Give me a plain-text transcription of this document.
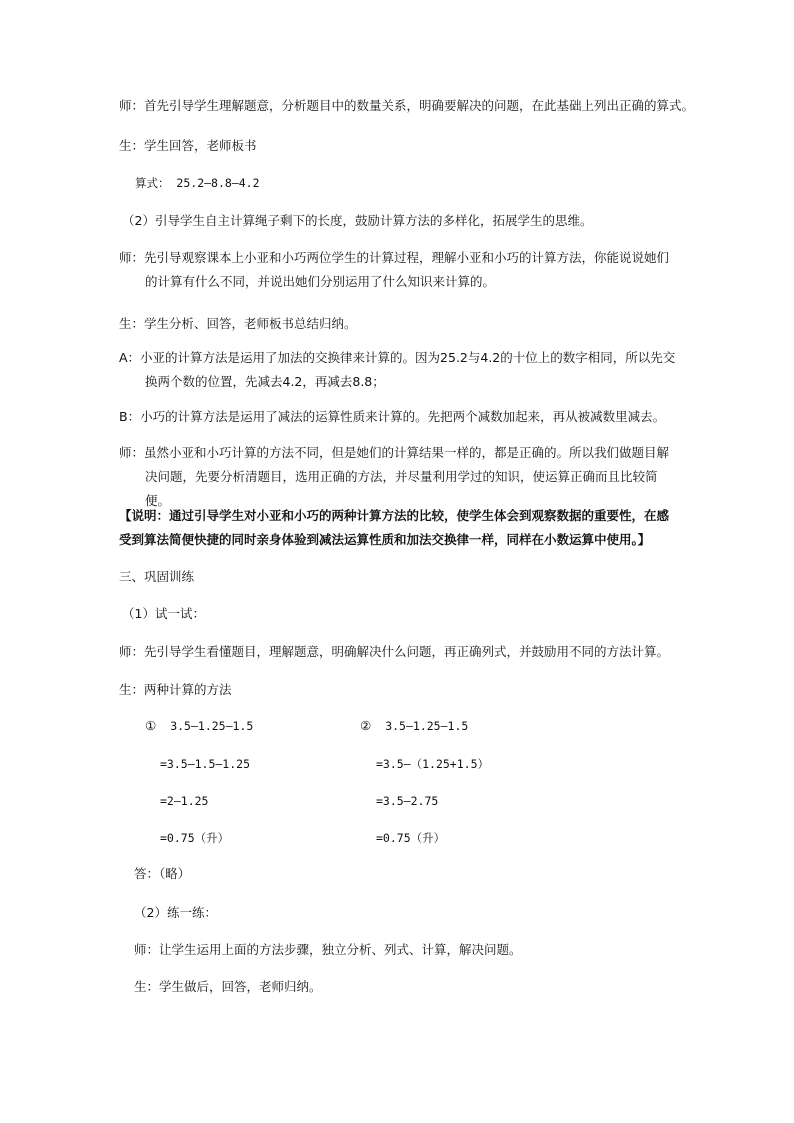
师：首先引导学生理解题意，分析题目中的数量关系，明确要解决的问题，在此基础上列出正确的算式。
生：学生回答，老师板书
算式： 25.2—8.8—4.2
（2）引导学生自主计算绳子剩下的长度，鼓励计算方法的多样化，拓展学生的思维。
师：先引导观察课本上小亚和小巧两位学生的计算过程，理解小亚和小巧的计算方法，你能说说她们的计算有什么不同，并说出她们分别运用了什么知识来计算的。
生：学生分析、回答，老师板书总结归纳。
A：小亚的计算方法是运用了加法的交换律来计算的。因为25.2与4.2的十位上的数字相同，所以先交换两个数的位置，先减去4.2，再减去8.8；
B：小巧的计算方法是运用了减法的运算性质来计算的。先把两个减数加起来，再从被减数里减去。
师：虽然小亚和小巧计算的方法不同，但是她们的计算结果一样的，都是正确的。所以我们做题目解决问题，先要分析清题目，选用正确的方法，并尽量利用学过的知识，使运算正确而且比较简便。
【说明：通过引导学生对小亚和小巧的两种计算方法的比较，使学生体会到观察数据的重要性，在感受到算法简便快捷的同时亲身体验到减法运算性质和加法交换律一样，同样在小数运算中使用。】
三、巩固训练
（1）试一试：
师：先引导学生看懂题目，理解题意，明确解决什么问题，再正确列式，并鼓励用不同的方法计算。
生：两种计算的方法
① 3.5—1.25—1.5
=3.5—1.5—1.25
=2—1.25
=0.75（升）
② 3.5—1.25—1.5
=3.5—（1.25+1.5）
=3.5—2.75
=0.75（升）
答：（略）
（2）练一练：
师：让学生运用上面的方法步骤，独立分析、列式、计算，解决问题。
生：学生做后，回答，老师归纳。
